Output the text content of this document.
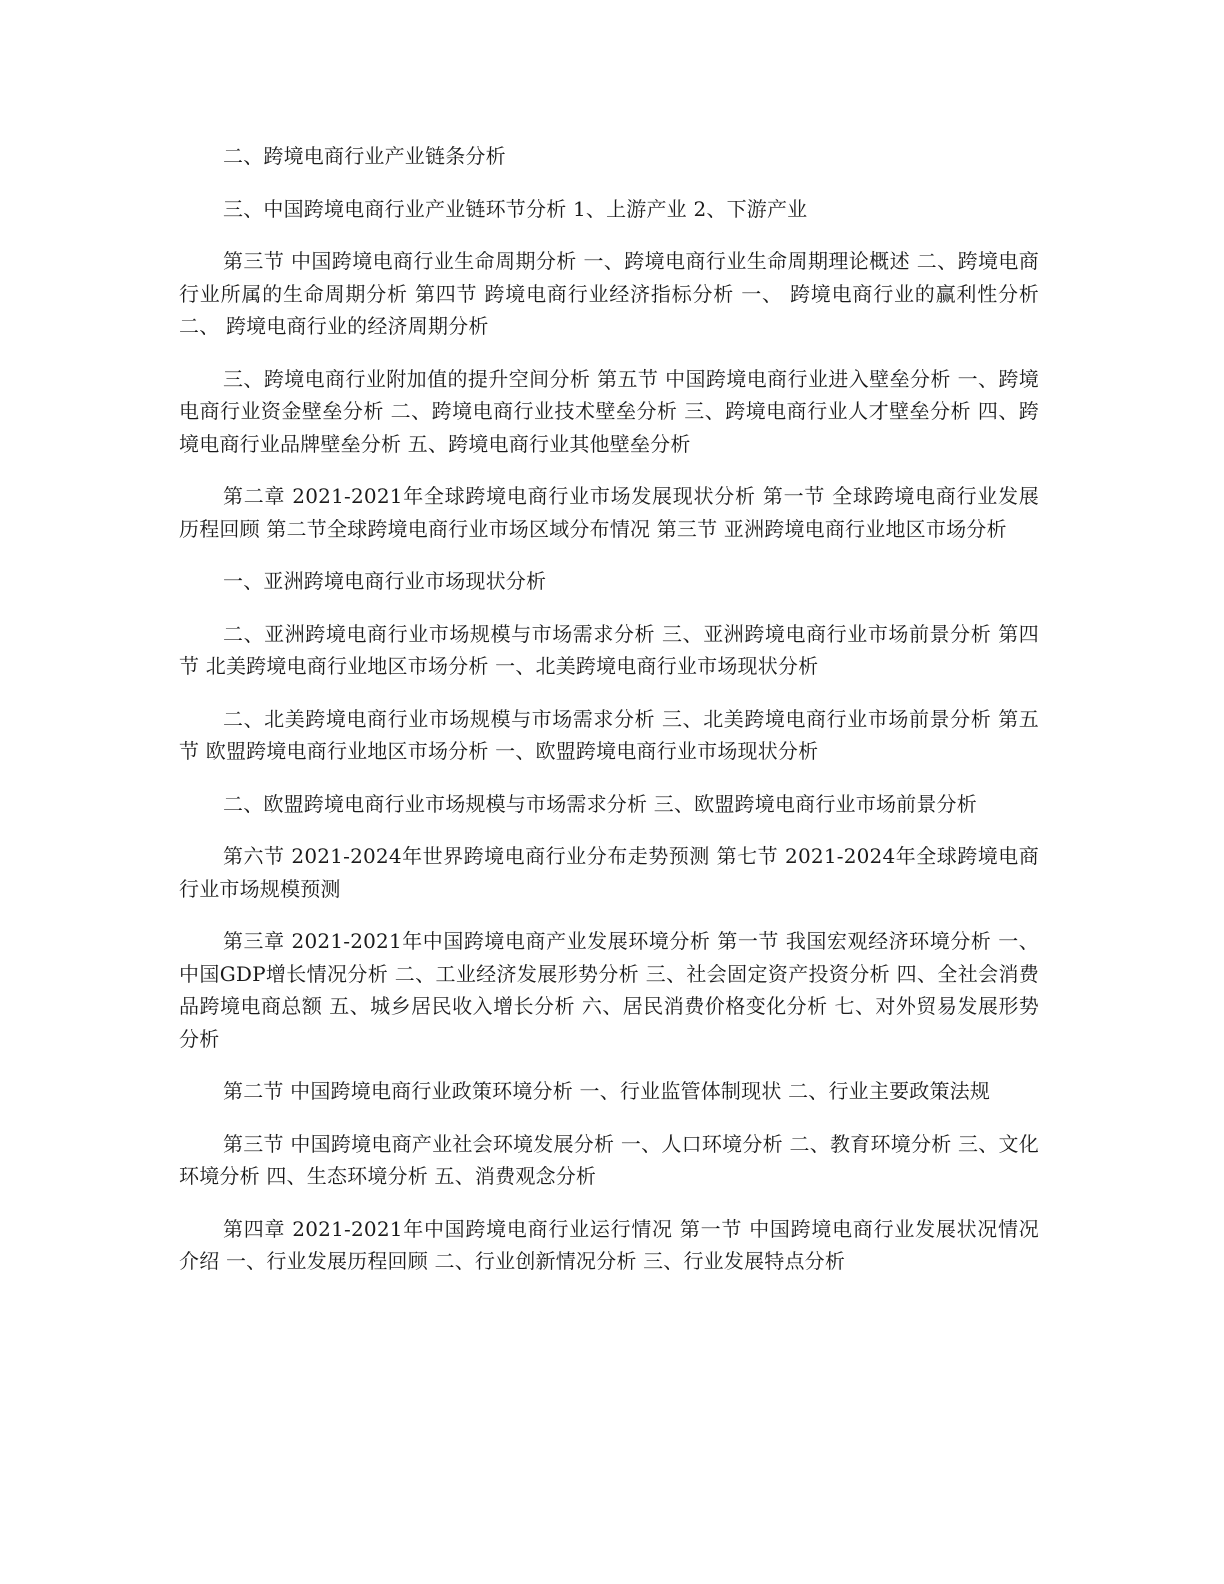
二、跨境电商行业产业链条分析

三、中国跨境电商行业产业链环节分析 1、上游产业 2、下游产业

第三节 中国跨境电商行业生命周期分析 一、跨境电商行业生命周期理论概述 二、跨境电商行业所属的生命周期分析 第四节 跨境电商行业经济指标分析 一、 跨境电商行业的赢利性分析 二、 跨境电商行业的经济周期分析

三、跨境电商行业附加值的提升空间分析 第五节 中国跨境电商行业进入壁垒分析 一、跨境电商行业资金壁垒分析 二、跨境电商行业技术壁垒分析 三、跨境电商行业人才壁垒分析 四、跨境电商行业品牌壁垒分析 五、跨境电商行业其他壁垒分析

第二章 2021-2021年全球跨境电商行业市场发展现状分析 第一节 全球跨境电商行业发展历程回顾 第二节全球跨境电商行业市场区域分布情况 第三节 亚洲跨境电商行业地区市场分析

一、亚洲跨境电商行业市场现状分析

二、亚洲跨境电商行业市场规模与市场需求分析 三、亚洲跨境电商行业市场前景分析 第四节 北美跨境电商行业地区市场分析 一、北美跨境电商行业市场现状分析

二、北美跨境电商行业市场规模与市场需求分析 三、北美跨境电商行业市场前景分析 第五节 欧盟跨境电商行业地区市场分析 一、欧盟跨境电商行业市场现状分析

二、欧盟跨境电商行业市场规模与市场需求分析 三、欧盟跨境电商行业市场前景分析

第六节 2021-2024年世界跨境电商行业分布走势预测 第七节 2021-2024年全球跨境电商行业市场规模预测

第三章 2021-2021年中国跨境电商产业发展环境分析 第一节 我国宏观经济环境分析 一、中国GDP增长情况分析 二、工业经济发展形势分析 三、社会固定资产投资分析 四、全社会消费品跨境电商总额 五、城乡居民收入增长分析 六、居民消费价格变化分析 七、对外贸易发展形势分析

第二节 中国跨境电商行业政策环境分析 一、行业监管体制现状 二、行业主要政策法规

第三节 中国跨境电商产业社会环境发展分析 一、人口环境分析 二、教育环境分析 三、文化环境分析 四、生态环境分析 五、消费观念分析

第四章 2021-2021年中国跨境电商行业运行情况 第一节 中国跨境电商行业发展状况情况介绍 一、行业发展历程回顾 二、行业创新情况分析 三、行业发展特点分析
